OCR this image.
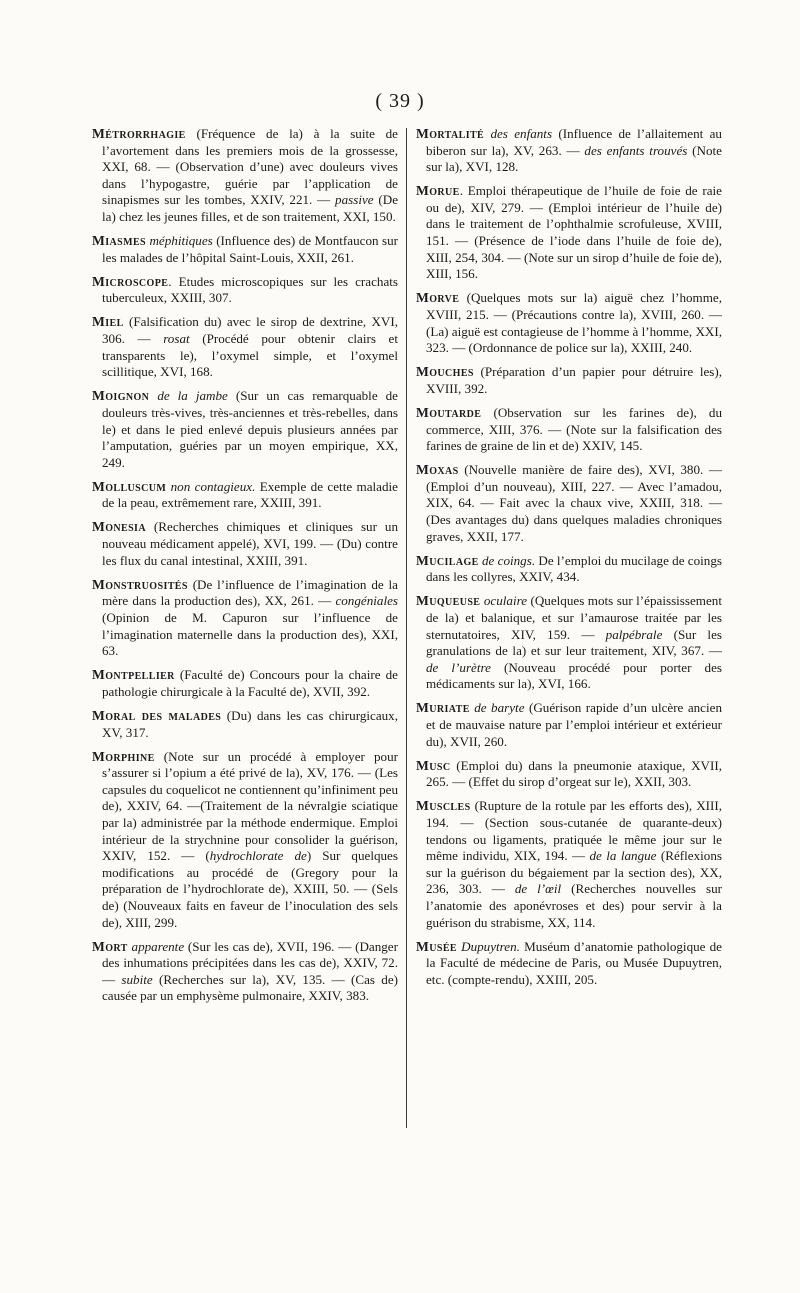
( 39 )

Métrorrhagie (Fréquence de la) à la suite de l’avortement dans les premiers mois de la grossesse, XXI, 68. — (Observation d’une) avec douleurs vives dans l’hypogastre, guérie par l’application de sinapismes sur les tombes, XXIV, 221. — passive (De la) chez les jeunes filles, et de son traitement, XXI, 150.

Miasmes méphitiques (Influence des) de Montfaucon sur les malades de l’hôpital Saint-Louis, XXII, 261.

Microscope. Etudes microscopiques sur les crachats tuberculeux, XXIII, 307.

Miel (Falsification du) avec le sirop de dextrine, XVI, 306. — rosat (Procédé pour obtenir clairs et transparents le), l’oxymel simple, et l’oxymel scillitique, XVI, 168.

Moignon de la jambe (Sur un cas remarquable de douleurs très-vives, très-anciennes et très-rebelles, dans le) et dans le pied enlevé depuis plusieurs années par l’amputation, guéries par un moyen empirique, XX, 249.

Molluscum non contagieux. Exemple de cette maladie de la peau, extrêmement rare, XXIII, 391.

Monesia (Recherches chimiques et cliniques sur un nouveau médicament appelé), XVI, 199. — (Du) contre les flux du canal intestinal, XXIII, 391.

Monstruosités (De l’influence de l’imagination de la mère dans la production des), XX, 261. — congéniales (Opinion de M. Capuron sur l’influence de l’imagination maternelle dans la production des), XXI, 63.

Montpellier (Faculté de) Concours pour la chaire de pathologie chirurgicale à la Faculté de), XVII, 392.

Moral des malades (Du) dans les cas chirurgicaux, XV, 317.

Morphine (Note sur un procédé à employer pour s’assurer si l’opium a été privé de la), XV, 176. — (Les capsules du coquelicot ne contiennent qu’infiniment peu de), XXIV, 64. —(Traitement de la névralgie sciatique par la) administrée par la méthode endermique. Emploi intérieur de la strychnine pour consolider la guérison, XXIV, 152. — (hydrochlorate de) Sur quelques modifications au procédé de (Gregory pour la préparation de l’hydrochlorate de), XXIII, 50. — (Sels de) (Nouveaux faits en faveur de l’inoculation des sels de), XIII, 299.

Mort apparente (Sur les cas de), XVII, 196. — (Danger des inhumations précipitées dans les cas de), XXIV, 72. — subite (Recherches sur la), XV, 135. — (Cas de) causée par un emphysème pulmonaire, XXIV, 383.

Mortalité des enfants (Influence de l’allaitement au biberon sur la), XV, 263. — des enfants trouvés (Note sur la), XVI, 128.

Morue. Emploi thérapeutique de l’huile de foie de raie ou de), XIV, 279. — (Emploi intérieur de l’huile de) dans le traitement de l’ophthalmie scrofuleuse, XVIII, 151. — (Présence de l’iode dans l’huile de foie de), XIII, 254, 304. — (Note sur un sirop d’huile de foie de), XIII, 156.

Morve (Quelques mots sur la) aiguë chez l’homme, XVIII, 215. — (Précautions contre la), XVIII, 260. — (La) aiguë est contagieuse de l’homme à l’homme, XXI, 323. — (Ordonnance de police sur la), XXIII, 240.

Mouches (Préparation d’un papier pour détruire les), XVIII, 392.

Moutarde (Observation sur les farines de), du commerce, XIII, 376. — (Note sur la falsification des farines de graine de lin et de) XXIV, 145.

Moxas (Nouvelle manière de faire des), XVI, 380. — (Emploi d’un nouveau), XIII, 227. — Avec l’amadou, XIX, 64. — Fait avec la chaux vive, XXIII, 318. — (Des avantages du) dans quelques maladies chroniques graves, XXII, 177.

Mucilage de coings. De l’emploi du mucilage de coings dans les collyres, XXIV, 434.

Muqueuse oculaire (Quelques mots sur l’épaississement de la) et balanique, et sur l’amaurose traitée par les sternutatoires, XIV, 159. — palpébrale (Sur les granulations de la) et sur leur traitement, XIV, 367. — de l’urètre (Nouveau procédé pour porter des médicaments sur la), XVI, 166.

Muriate de baryte (Guérison rapide d’un ulcère ancien et de mauvaise nature par l’emploi intérieur et extérieur du), XVII, 260.

Musc (Emploi du) dans la pneumonie ataxique, XVII, 265. — (Effet du sirop d’orgeat sur le), XXII, 303.

Muscles (Rupture de la rotule par les efforts des), XIII, 194. — (Section sous-cutanée de quarante-deux) tendons ou ligaments, pratiquée le même jour sur le même individu, XIX, 194. — de la langue (Réflexions sur la guérison du bégaiement par la section des), XX, 236, 303. — de l’œil (Recherches nouvelles sur l’anatomie des aponévroses et des) pour servir à la guérison du strabisme, XX, 114.

Musée Dupuytren. Muséum d’anatomie pathologique de la Faculté de médecine de Paris, ou Musée Dupuytren, etc. (compte-rendu), XXIII, 205.
